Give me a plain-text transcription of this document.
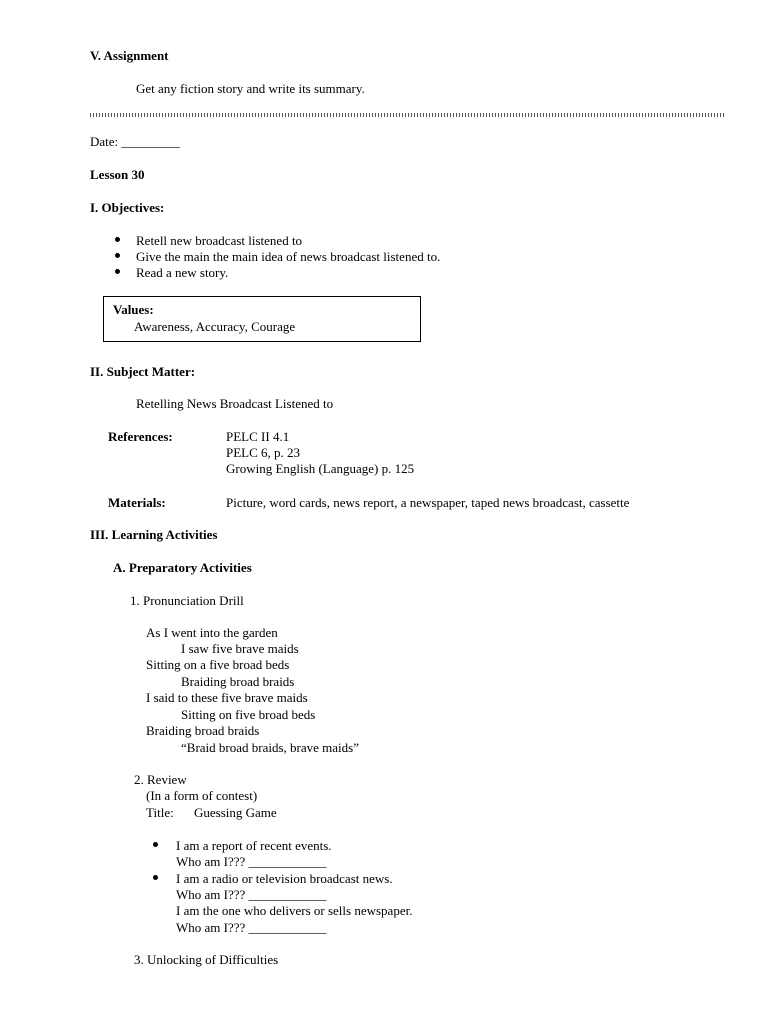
V. Assignment
Get any fiction story and write its summary.
Date: _________
Lesson 30
I. Objectives:
Retell new broadcast listened to
Give the main the main idea of news broadcast listened to.
Read a new story.
Values:
Awareness, Accuracy, Courage
II. Subject Matter:
Retelling News Broadcast Listened to
References:	PELC II 4.1
PELC 6, p. 23
Growing English (Language) p. 125
Materials:	Picture, word cards, news report, a newspaper, taped news broadcast, cassette
III. Learning Activities
A. Preparatory Activities
1. Pronunciation Drill
As I went into the garden
I saw five brave maids
Sitting on a five broad beds
Braiding broad braids
I said to these five brave maids
Sitting on five broad beds
Braiding broad braids
“Braid broad braids, brave maids”
2. Review
(In a form of contest)
Title: Guessing Game
I am a report of recent events.
Who am I??? ____________
I am a radio or television broadcast news.
Who am I??? ____________
I am the one who delivers or sells newspaper.
Who am I??? ____________
3. Unlocking of Difficulties
